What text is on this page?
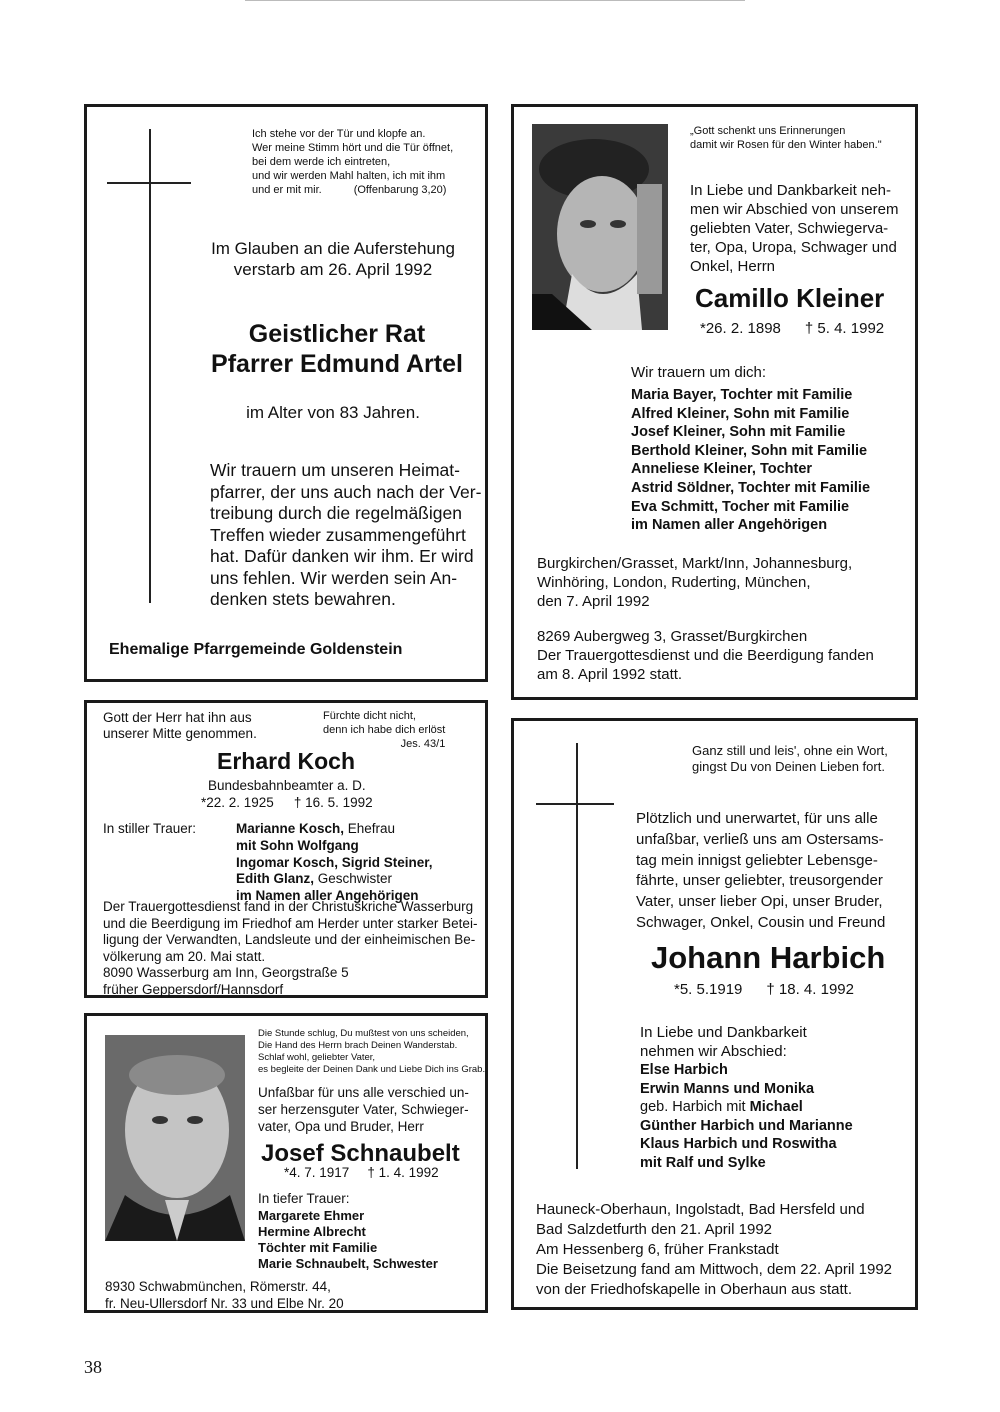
Ich stehe vor der Tür und klopfe an.
Wer meine Stimm hört und die Tür öffnet,
bei dem werde ich eintreten,
und wir werden Mahl halten, ich mit ihm
und er mit mir.	(Offenbarung 3,20)
Im Glauben an die Auferstehung
verstarb am 26. April 1992
Geistlicher Rat
Pfarrer Edmund Artel
im Alter von 83 Jahren.
Wir trauern um unseren Heimat-
pfarrer, der uns auch nach der Ver-
treibung durch die regelmäßigen
Treffen wieder zusammengeführt
hat. Dafür danken wir ihm. Er wird
uns fehlen. Wir werden sein An-
denken stets bewahren.
Ehemalige Pfarrgemeinde Goldenstein
„Gott schenkt uns Erinnerungen
damit wir Rosen für den Winter haben."
In Liebe und Dankbarkeit neh-
men wir Abschied von unserem
geliebten Vater, Schwiegerva-
ter, Opa, Uropa, Schwager und
Onkel, Herrn
Camillo Kleiner
*26. 2. 1898 † 5. 4. 1992
Wir trauern um dich:
Maria Bayer, Tochter mit Familie
Alfred Kleiner, Sohn mit Familie
Josef Kleiner, Sohn mit Familie
Berthold Kleiner, Sohn mit Familie
Anneliese Kleiner, Tochter
Astrid Söldner, Tochter mit Familie
Eva Schmitt, Tocher mit Familie
im Namen aller Angehörigen
Burgkirchen/Grasset, Markt/Inn, Johannesburg,
Winhöring, London, Ruderting, München,
den 7. April 1992
8269 Aubergweg 3, Grasset/Burgkirchen
Der Trauergottesdienst und die Beerdigung fanden
am 8. April 1992 statt.
Gott der Herr hat ihn aus
unserer Mitte genommen.
Fürchte dicht nicht,
denn ich habe dich erlöst
Jes. 43/1
Erhard Koch
Bundesbahnbeamter a. D.
*22. 2. 1925 † 16. 5. 1992
In stiller Trauer:	Marianne Kosch, Ehefrau
mit Sohn Wolfgang
Ingomar Kosch, Sigrid Steiner,
Edith Glanz, Geschwister
im Namen aller Angehörigen
Der Trauergottesdienst fand in der Christuskriche Wasserburg
und die Beerdigung im Friedhof am Herder unter starker Betei-
ligung der Verwandten, Landsleute und der einheimischen Be-
völkerung am 20. Mai statt.
8090 Wasserburg am Inn, Georgstraße 5
früher Geppersdorf/Hannsdorf
Ganz still und leis', ohne ein Wort,
gingst Du von Deinen Lieben fort.
Plötzlich und unerwartet, für uns alle
unfaßbar, verließ uns am Ostersams-
tag mein innigst geliebter Lebensge-
fährte, unser geliebter, treusorgender
Vater, unser lieber Opi, unser Bruder,
Schwager, Onkel, Cousin und Freund
Johann Harbich
*5. 5.1919 † 18. 4. 1992
In Liebe und Dankbarkeit
nehmen wir Abschied:
Else Harbich
Erwin Manns und Monika
geb. Harbich mit Michael
Günther Harbich und Marianne
Klaus Harbich und Roswitha
mit Ralf und Sylke
Hauneck-Oberhaun, Ingolstadt, Bad Hersfeld und
Bad Salzdetfurth den 21. April 1992
Am Hessenberg 6, früher Frankstadt
Die Beisetzung fand am Mittwoch, dem 22. April 1992
von der Friedhofskapelle in Oberhaun aus statt.
Die Stunde schlug, Du mußtest von uns scheiden,
Die Hand des Herrn brach Deinen Wanderstab.
Schlaf wohl, geliebter Vater,
es begleite der Deinen Dank und Liebe Dich ins Grab.
Unfaßbar für uns alle verschied un-
ser herzensguter Vater, Schwieger-
vater, Opa und Bruder, Herr
Josef Schnaubelt
*4. 7. 1917 † 1. 4. 1992
In tiefer Trauer:
Margarete Ehmer
Hermine Albrecht
Töchter mit Familie
Marie Schnaubelt, Schwester
8930 Schwabmünchen, Römerstr. 44,
fr. Neu-Ullersdorf Nr. 33 und Elbe Nr. 20
38
